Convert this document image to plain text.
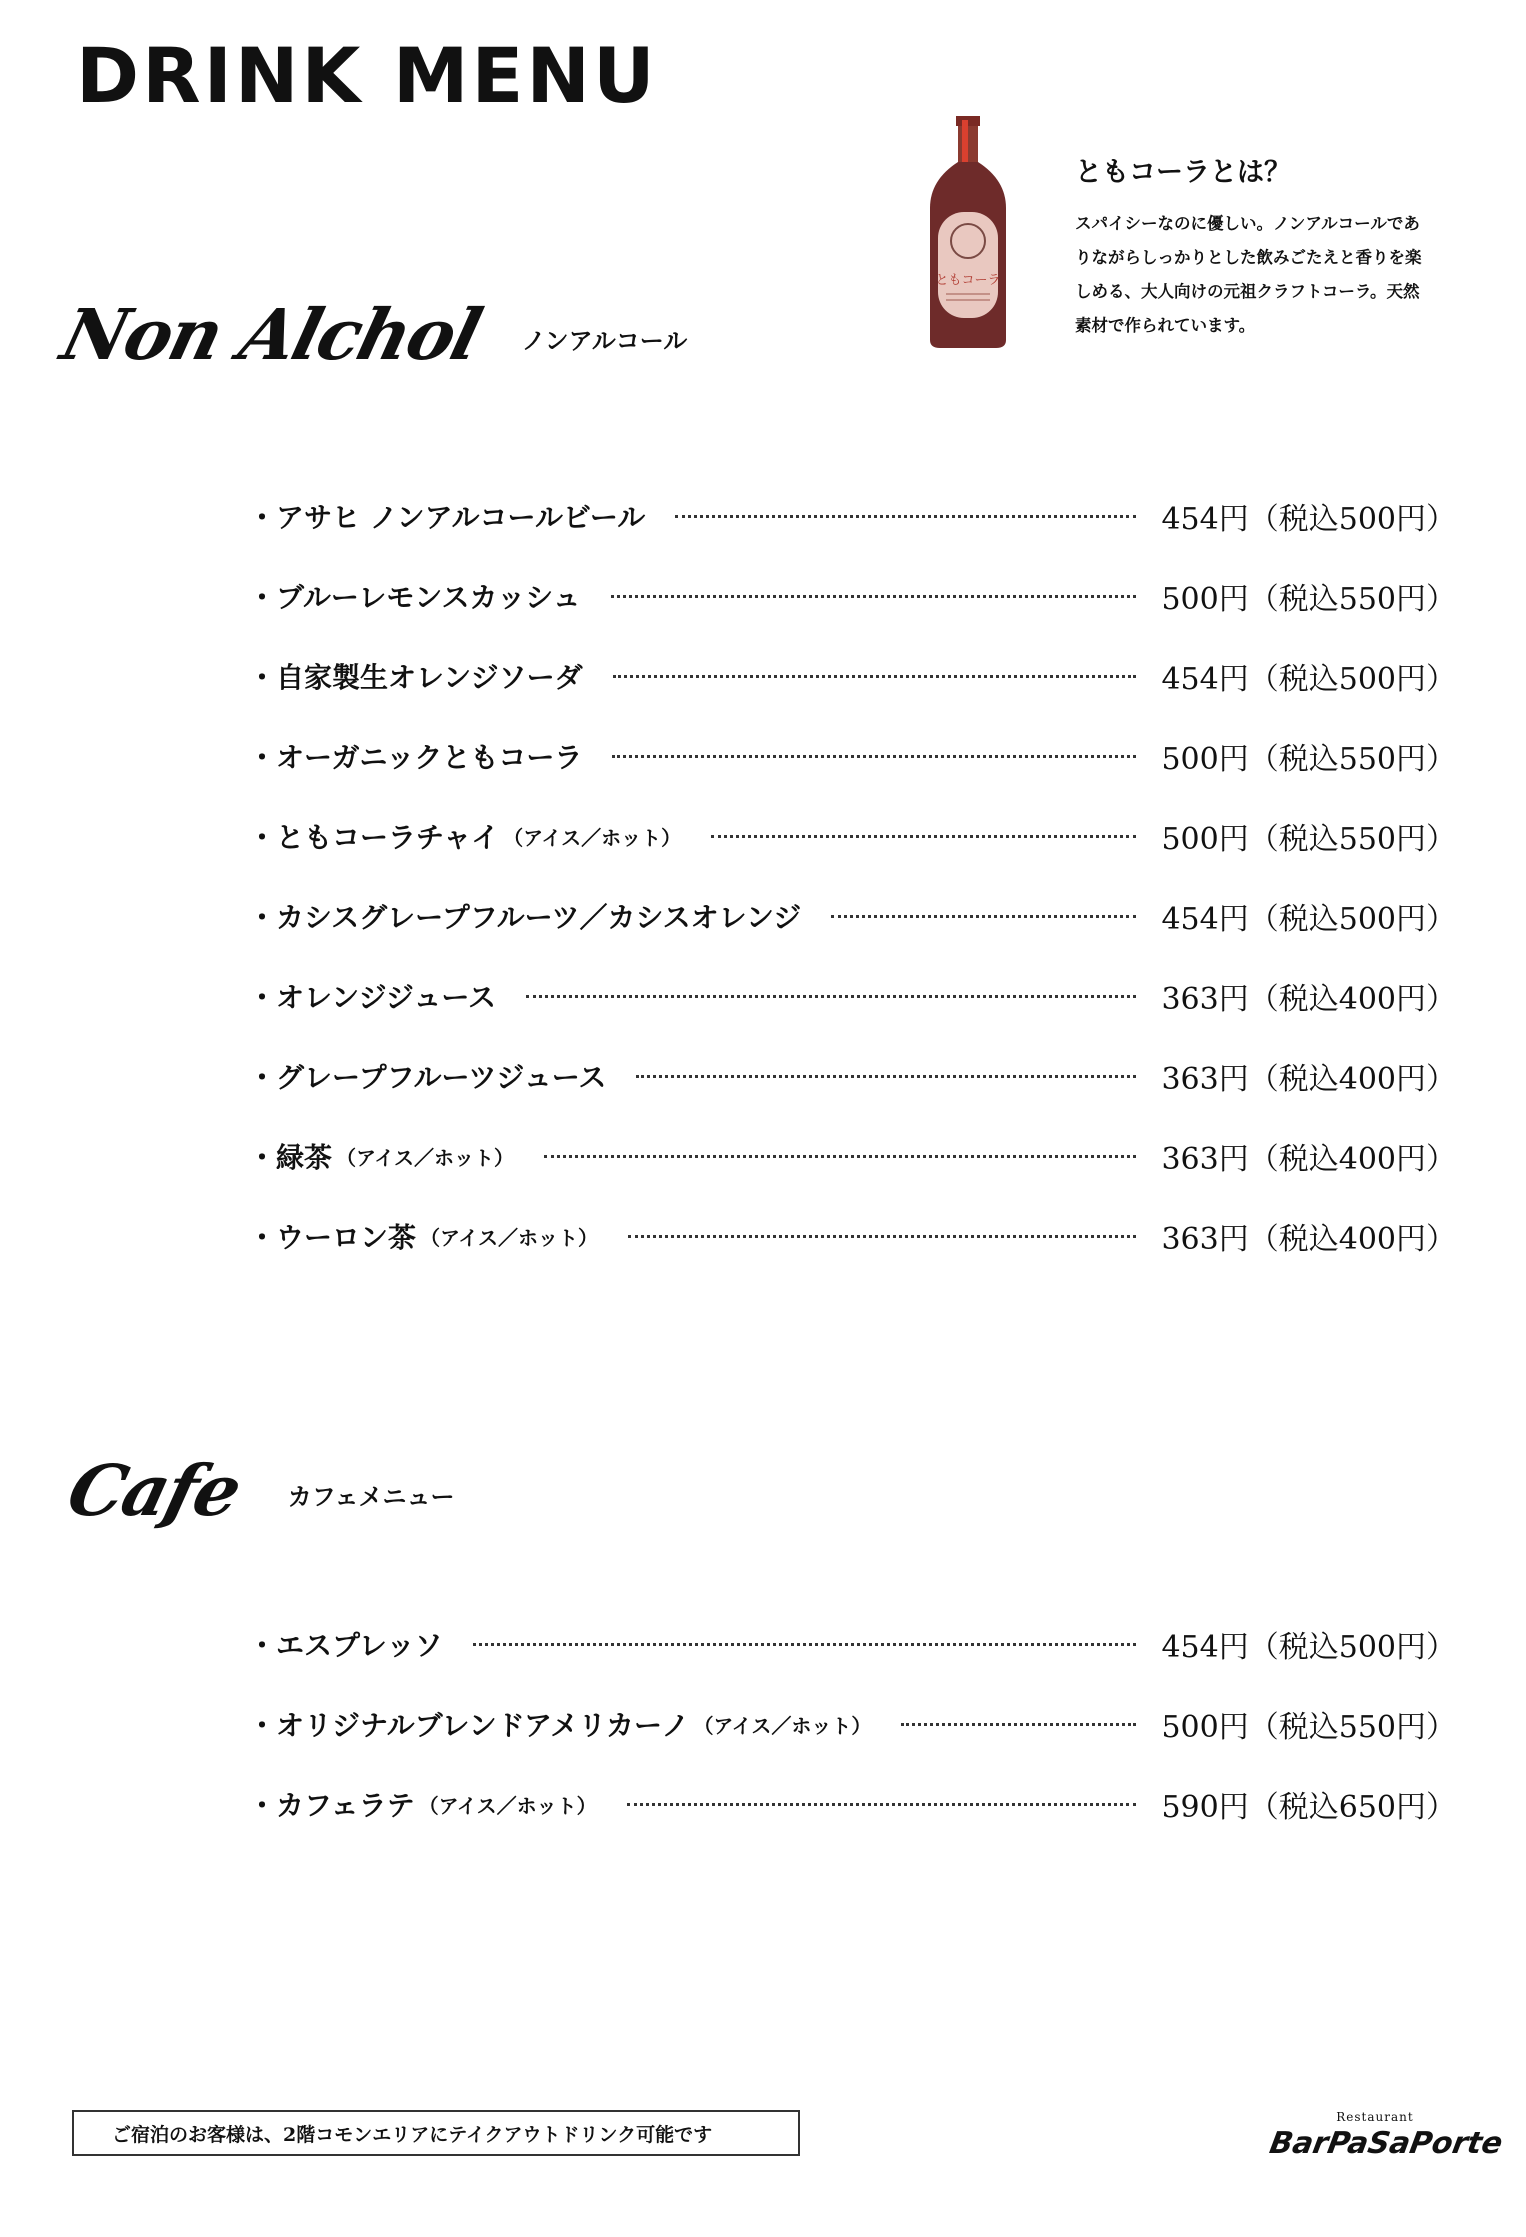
DRINK MENU
ともコーラ
ともコーラとは？
スパイシーなのに優しい。ノンアルコールであ
りながらしっかりとした飲みごたえと香りを楽
しめる、大人向けの元祖クラフトコーラ。天然
素材で作られています。
Non Alchol ノンアルコール
・アサヒ ノンアルコールビール	454円（税込500円）
・ブルーレモンスカッシュ	500円（税込550円）
・自家製生オレンジソーダ	454円（税込500円）
・オーガニックともコーラ	500円（税込550円）
・ともコーラチャイ （アイス／ホット）	500円（税込550円）
・カシスグレープフルーツ／カシスオレンジ	454円（税込500円）
・オレンジジュース	363円（税込400円）
・グレープフルーツジュース	363円（税込400円）
・緑茶 （アイス／ホット）	363円（税込400円）
・ウーロン茶 （アイス／ホット）	363円（税込400円）
Cafe カフェメニュー
・エスプレッソ	454円（税込500円）
・オリジナルブレンドアメリカーノ （アイス／ホット）	500円（税込550円）
・カフェラテ （アイス／ホット）	590円（税込650円）
ご宿泊のお客様は、2階コモンエリアにテイクアウトドリンク可能です
Restaurant
BarPaSaPorte
